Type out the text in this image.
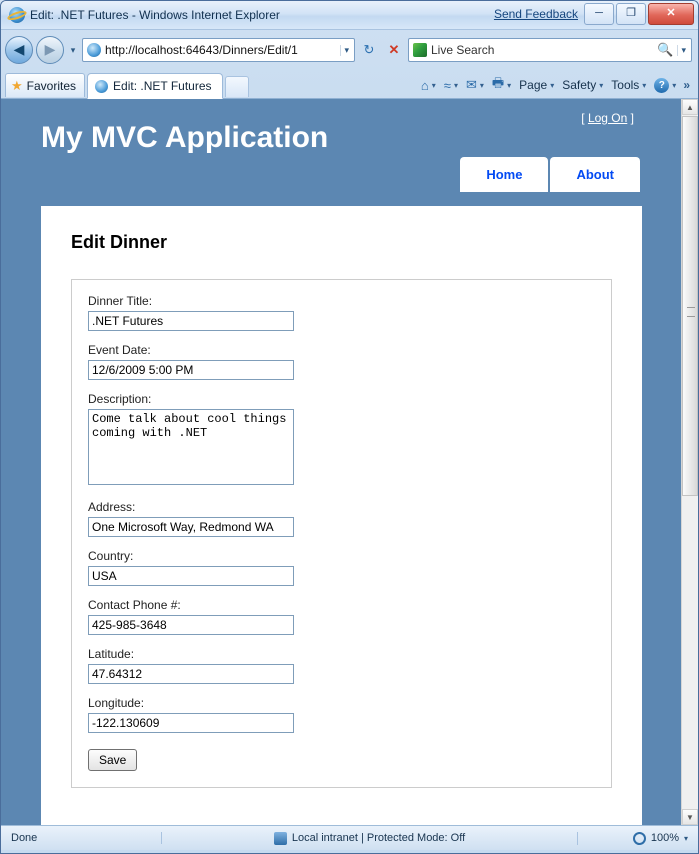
Edit: .NET Futures - Windows Internet Explorer	Send Feedback	─	❐	✕
◀	▶	▾	http://localhost:64643/Dinners/Edit/1	▾	↻	✕	Live Search	🔍 ▾
★ Favorites	Edit: .NET Futures	⌂ ▾ ≈ ▾ ✉ ▾ 🖶 ▾ Page ▾ Safety ▾ Tools ▾	? ▾ »
My MVC Application
[ Log On ]
Home	About
Edit Dinner
Dinner Title:
.NET Futures
Event Date:
12/6/2009 5:00 PM
Description:
Come talk about cool things coming with .NET
Address:
One Microsoft Way, Redmond WA
Country:
USA
Contact Phone #:
425-985-3648
Latitude:
47.64312
Longitude:
-122.130609
Save
▲
▼
Done	Local intranet | Protected Mode: Off	100% ▾
